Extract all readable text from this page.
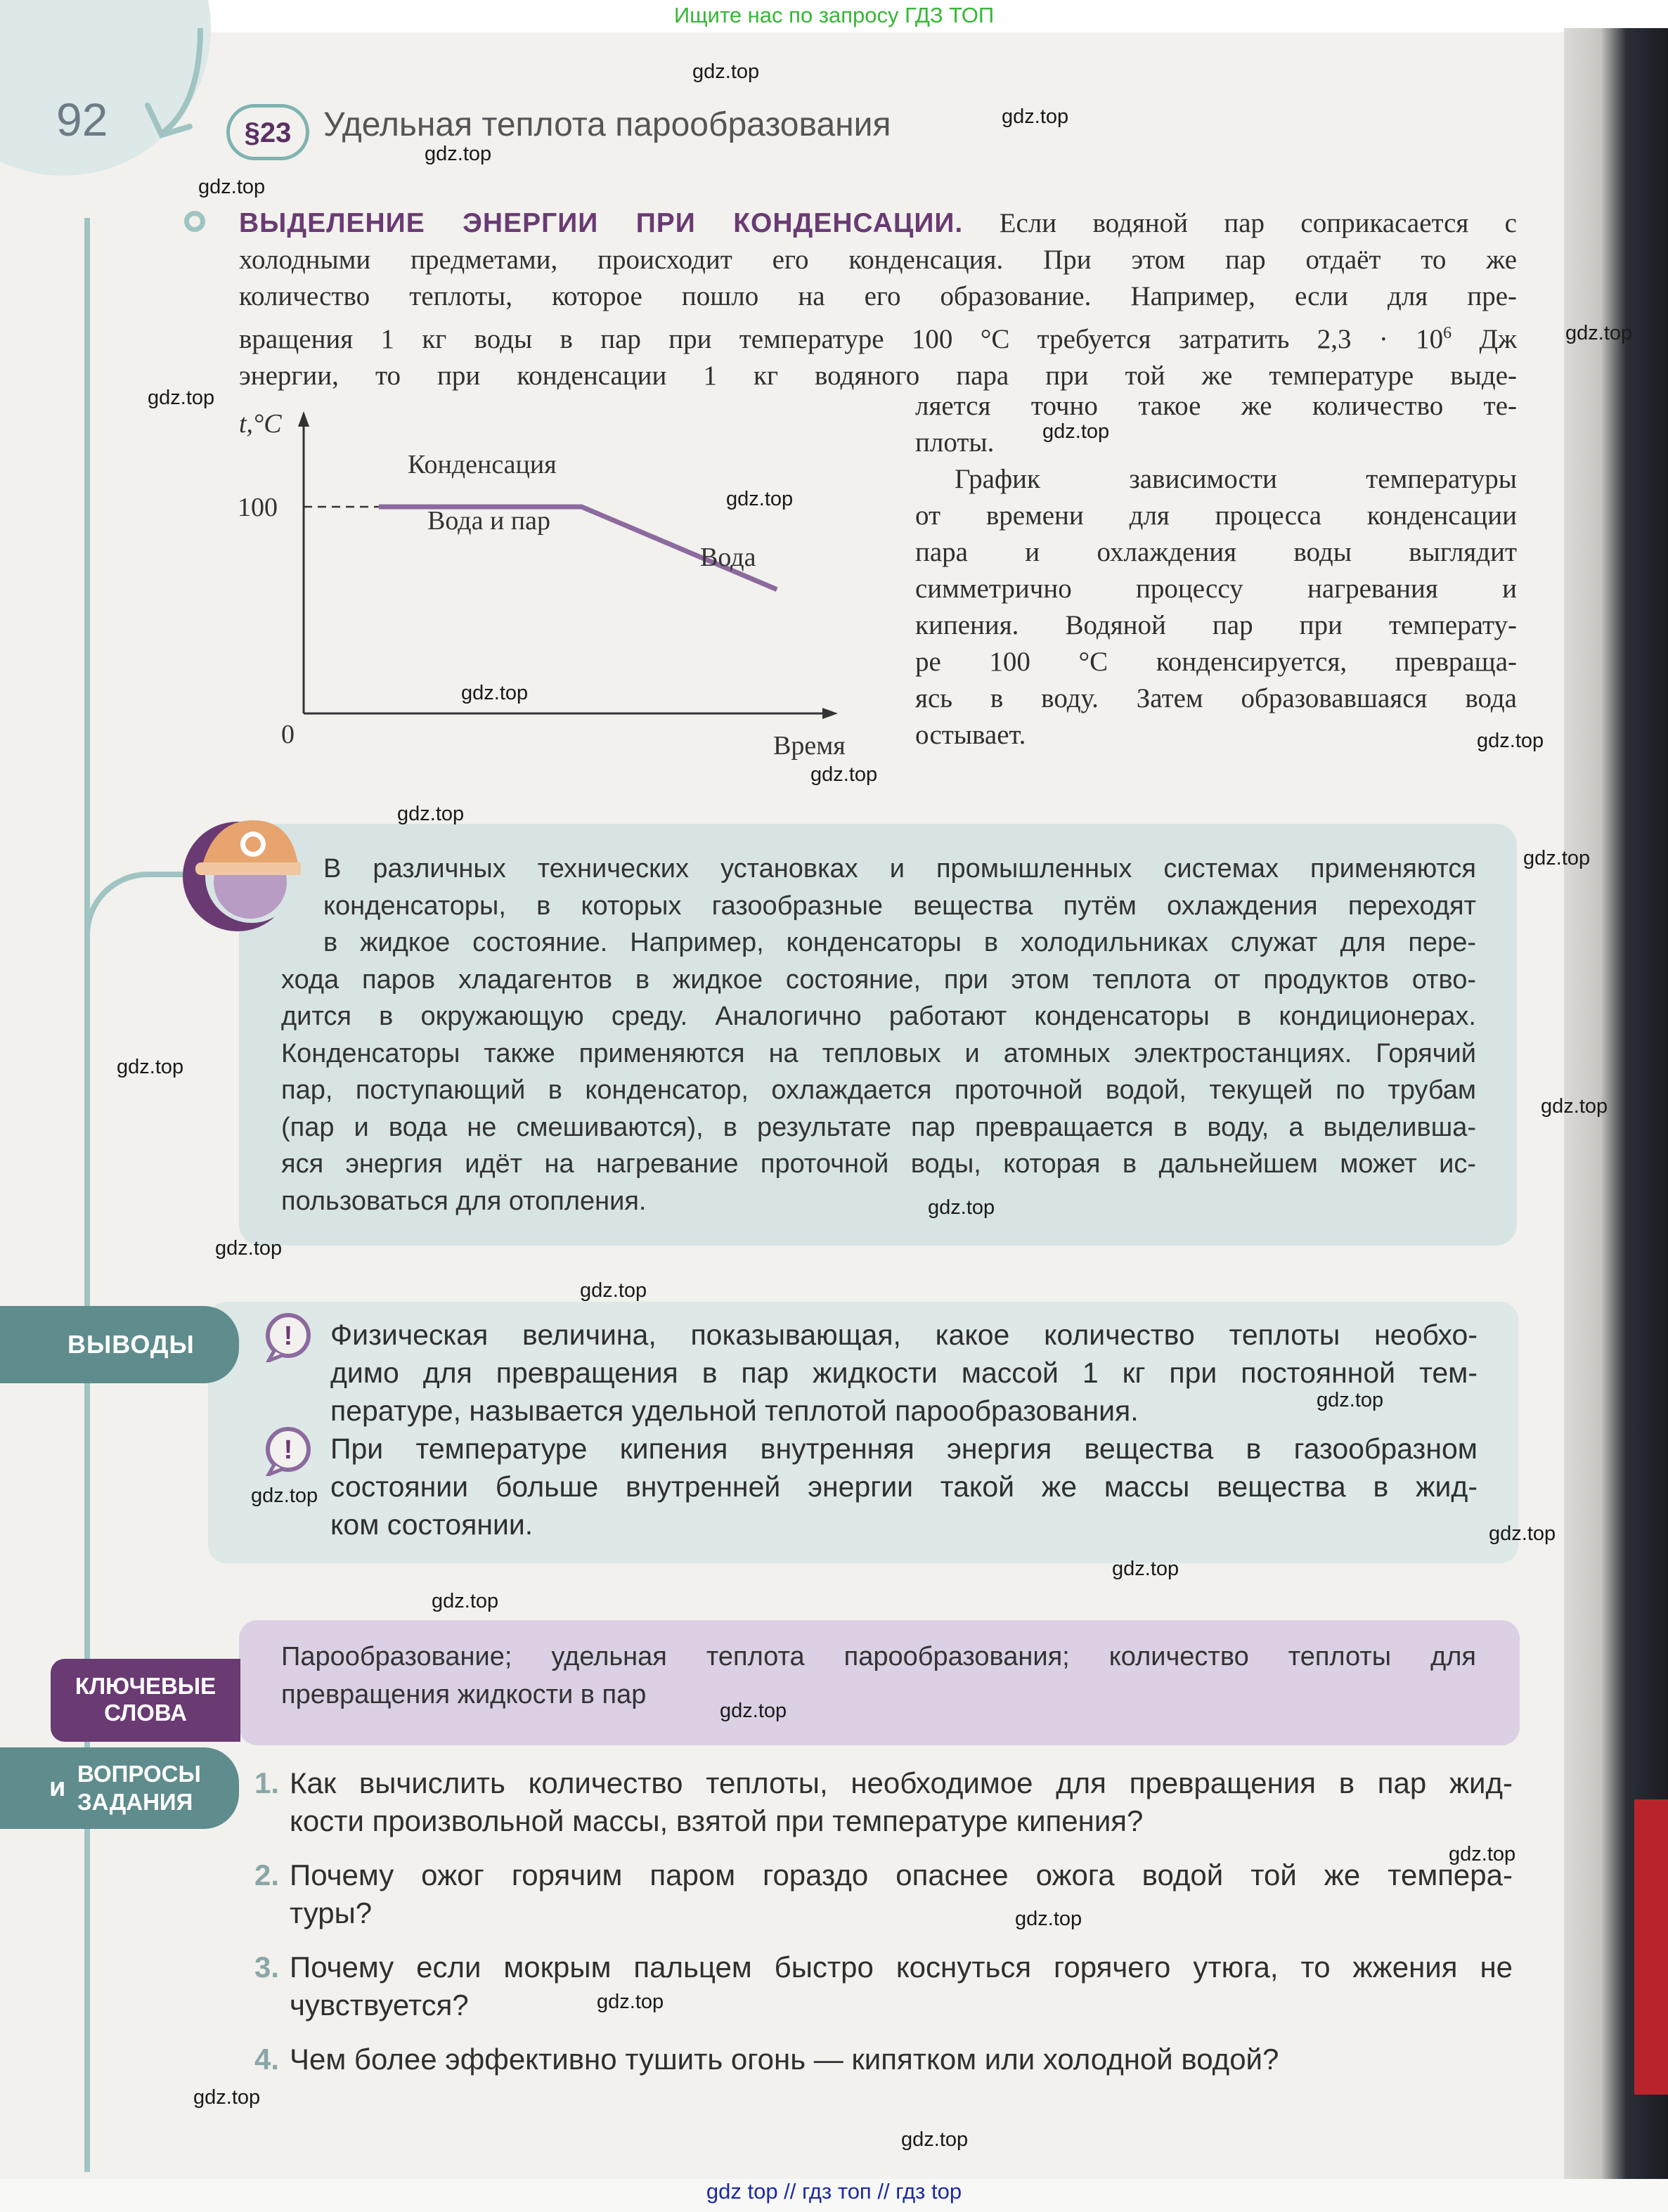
Ищите нас по запросу ГДЗ ТОП
92	§23 Удельная теплота парообразования
ВЫДЕЛЕНИЕ ЭНЕРГИИ ПРИ КОНДЕНСАЦИИ. Если водяной пар соприкасается с
холодными предметами, происходит его конденсация. При этом пар отдаёт то же
количество теплоты, которое пошло на его образование. Например, если для пре-
вращения 1 кг воды в пар при температуре 100 °С требуется затратить $2,3 \cdot 10^6$ Дж
энергии, то при конденсации 1 кг водяного пара при той же температуре выде-
ляется точно такое же количество те-
плоты.
График зависимости температуры
от времени для процесса конденсации
пара и охлаждения воды выглядит
симметрично процессу нагревания и
кипения. Водяной пар при температу-
ре 100 °С конденсируется, превраща-
ясь в воду. Затем образовавшаяся вода
остывает.
t,°C
Время
0
100
Конденсация
Вода и пар
Вода
В различных технических установках и промышленных системах применяются
конденсаторы, в которых газообразные вещества путём охлаждения переходят
в жидкое состояние. Например, конденсаторы в холодильниках служат для пере-
хода паров хладагентов в жидкое состояние, при этом теплота от продуктов отво-
дится в окружающую среду. Аналогично работают конденсаторы в кондиционерах.
Конденсаторы также применяются на тепловых и атомных электростанциях. Горячий
пар, поступающий в конденсатор, охлаждается проточной водой, текущей по трубам
(пар и вода не смешиваются), в результате пар превращается в воду, а выделивша-
яся энергия идёт на нагревание проточной воды, которая в дальнейшем может ис-
пользоваться для отопления.
ВЫВОДЫ	!
!
Физическая величина, показывающая, какое количество теплоты необхо-
димо для превращения в пар жидкости массой 1 кг при постоянной тем-
пературе, называется удельной теплотой парообразования.
При температуре кипения внутренняя энергия вещества в газообразном
состоянии больше внутренней энергии такой же массы вещества в жид-
ком состоянии.
КЛЮЧЕВЫЕ
СЛОВА
Парообразование; удельная теплота парообразования; количество теплоты для
превращения жидкости в пар
и ВОПРОСЫ
ЗАДАНИЯ
1. Как вычислить количество теплоты, необходимое для превращения в пар жид-
кости произвольной массы, взятой при температуре кипения?
2. Почему ожог горячим паром гораздо опаснее ожога водой той же темпера-
туры?
3. Почему если мокрым пальцем быстро коснуться горячего утюга, то жжения не
чувствуется?
4. Чем более эффективно тушить огонь — кипятком или холодной водой?
gdz.top
gdz.top
gdz.top
gdz.top
gdz.top
gdz.top
gdz.top
gdz.top
gdz.top
gdz.top
gdz.top
gdz.top
gdz.top
gdz.top
gdz.top
gdz.top
gdz.top
gdz.top
gdz.top
gdz.top
gdz.top
gdz.top
gdz.top
gdz.top
gdz.top
gdz.top
gdz.top
gdz.top
gdz.top
gdz top // гдз топ // гдз top
